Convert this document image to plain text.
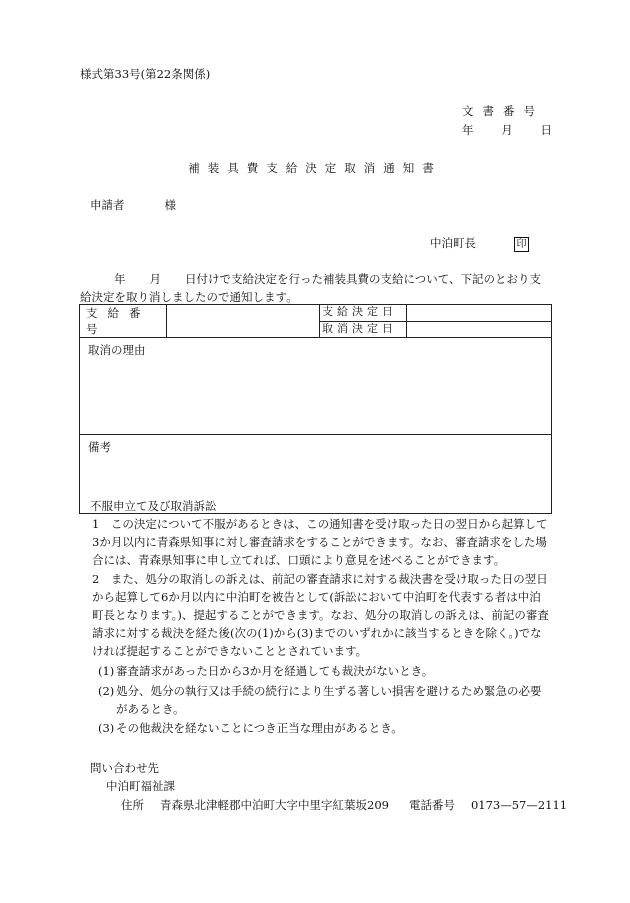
様式第33号(第22条関係)
文書番号
年 月 日
補装具費支給決定取消通知書
申請者	様
中泊町長	印
年 月 日付けで支給決定を行った補装具費の支給について、下記のとおり支給決定を取り消しましたので通知します。
支給番号		支給決定日	
		取消決定日	
取消の理由			
備考			
不服申立て及び取消訴訟
1　この決定について不服があるときは、この通知書を受け取った日の翌日から起算して3か月以内に青森県知事に対し審査請求をすることができます。なお、審査請求をした場合には、青森県知事に申し立てれば、口頭により意見を述べることができます。
2　また、処分の取消しの訴えは、前記の審査請求に対する裁決書を受け取った日の翌日から起算して6か月以内に中泊町を被告として(訴訟において中泊町を代表する者は中泊町長となります。)、提起することができます。なお、処分の取消しの訴えは、前記の審査請求に対する裁決を経た後(次の(1)から(3)までのいずれかに該当するときを除く。)でなければ提起することができないこととされています。
(1) 審査請求があった日から3か月を経過しても裁決がないとき。
(2) 処分、処分の執行又は手続の続行により生ずる著しい損害を避けるため緊急の必要があるとき。
(3) その他裁決を経ないことにつき正当な理由があるとき。
問い合わせ先
中泊町福祉課
住所 青森県北津軽郡中泊町大字中里字紅葉坂209 電話番号 0173—57—2111
